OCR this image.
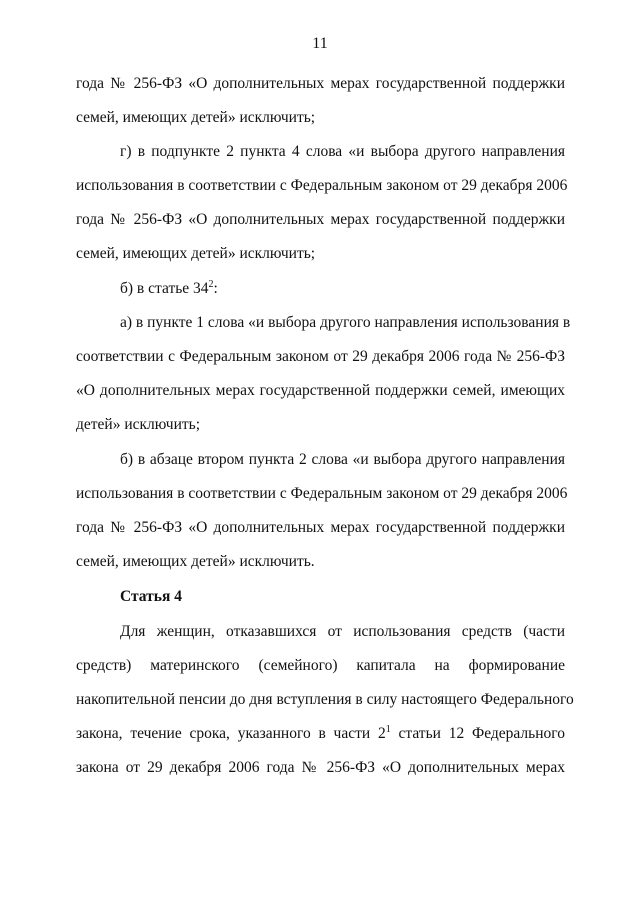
11
года № 256-ФЗ «О дополнительных мерах государственной поддержки
семей, имеющих детей» исключить;
г) в подпункте 2 пункта 4 слова «и выбора другого направления
использования в соответствии с Федеральным законом от 29 декабря 2006
года № 256-ФЗ «О дополнительных мерах государственной поддержки
семей, имеющих детей» исключить;
б) в статье $34^2$:
а) в пункте 1 слова «и выбора другого направления использования в
соответствии с Федеральным законом от 29 декабря 2006 года № 256-ФЗ
«О дополнительных мерах государственной поддержки семей, имеющих
детей» исключить;
б) в абзаце втором пункта 2 слова «и выбора другого направления
использования в соответствии с Федеральным законом от 29 декабря 2006
года № 256-ФЗ «О дополнительных мерах государственной поддержки
семей, имеющих детей» исключить.
Статья 4
Для женщин, отказавшихся от использования средств (части
средств) материнского (семейного) капитала на формирование
накопительной пенсии до дня вступления в силу настоящего Федерального
закона, течение срока, указанного в части $2^1$ статьи 12 Федерального
закона от 29 декабря 2006 года № 256-ФЗ «О дополнительных мерах
